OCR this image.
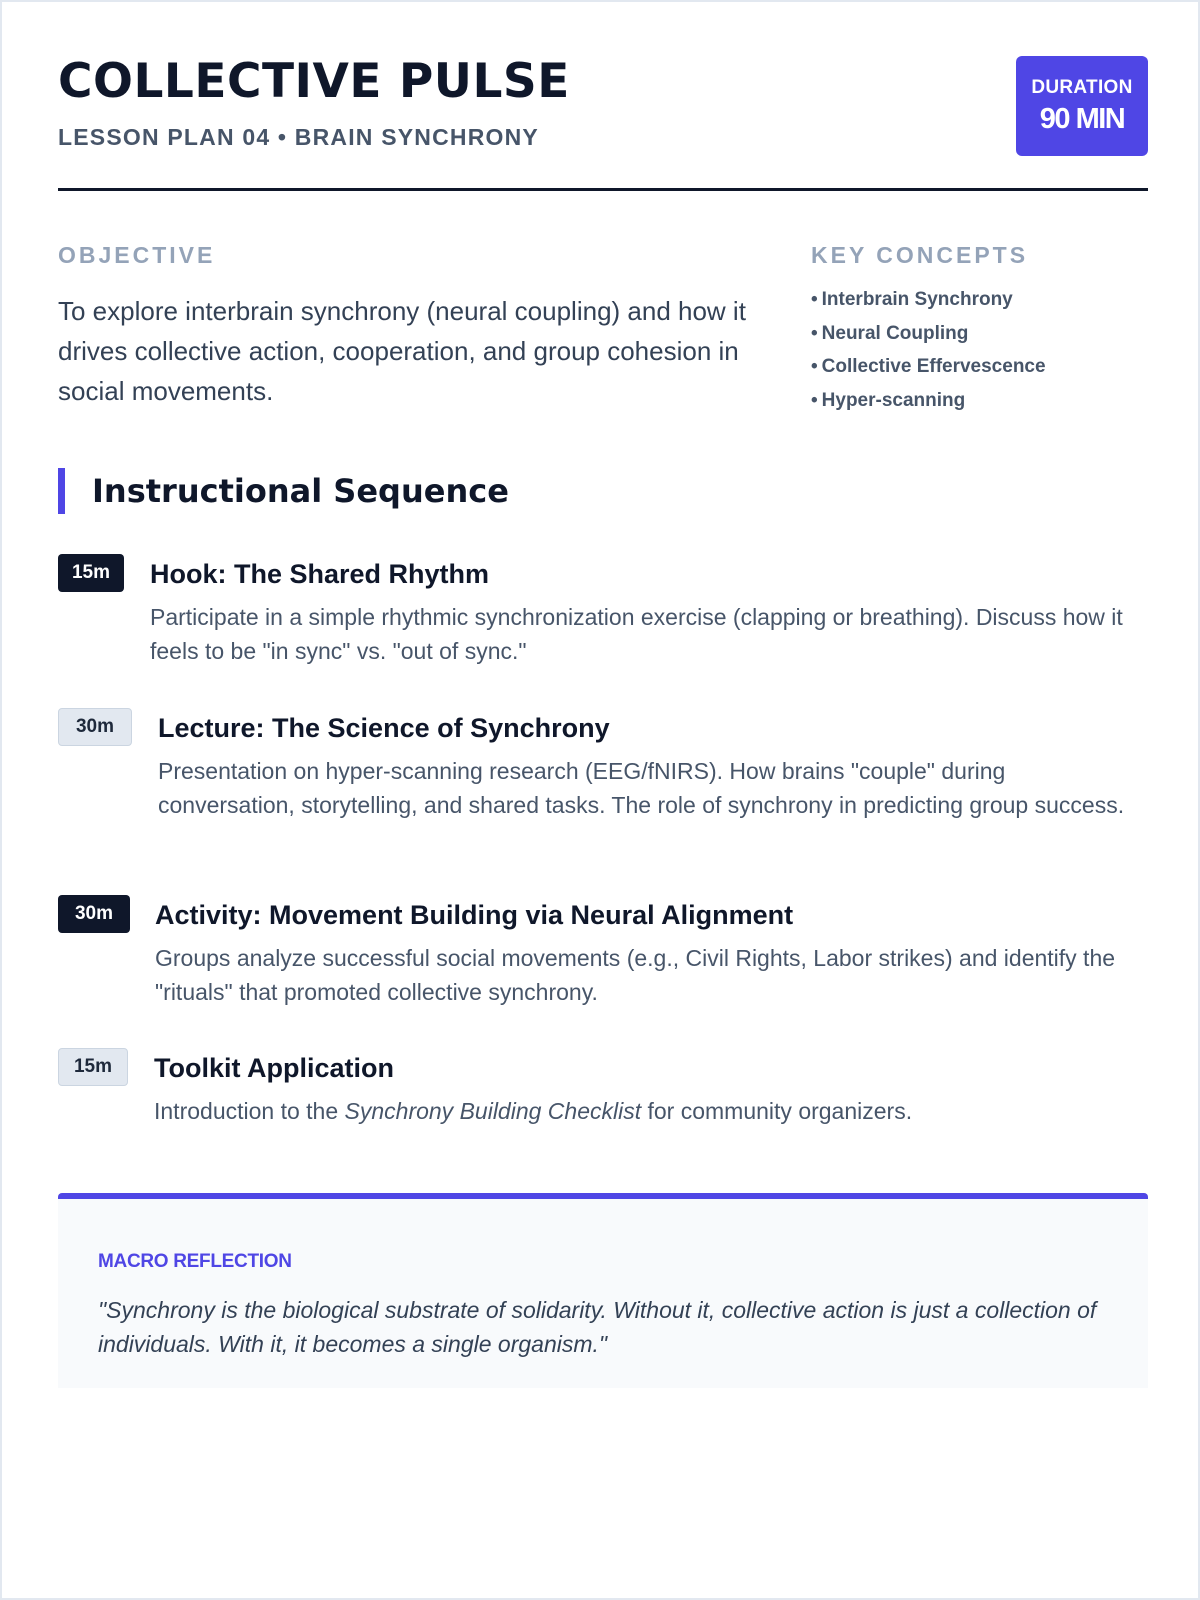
COLLECTIVE PULSE
LESSON PLAN 04 • BRAIN SYNCHRONY
DURATION
90 MIN
OBJECTIVE
To explore interbrain synchrony (neural coupling) and how it drives collective action, cooperation, and group cohesion in social movements.
KEY CONCEPTS
• Interbrain Synchrony
• Neural Coupling
• Collective Effervescence
• Hyper-scanning
Instructional Sequence
15m	Hook: The Shared Rhythm
Participate in a simple rhythmic synchronization exercise (clapping or breathing). Discuss how it feels to be "in sync" vs. "out of sync."
30m	Lecture: The Science of Synchrony
Presentation on hyper-scanning research (EEG/fNIRS). How brains "couple" during conversation, storytelling, and shared tasks. The role of synchrony in predicting group success.
30m	Activity: Movement Building via Neural Alignment
Groups analyze successful social movements (e.g., Civil Rights, Labor strikes) and identify the "rituals" that promoted collective synchrony.
15m	Toolkit Application
Introduction to the Synchrony Building Checklist for community organizers.
MACRO REFLECTION
"Synchrony is the biological substrate of solidarity. Without it, collective action is just a collection of individuals. With it, it becomes a single organism."
